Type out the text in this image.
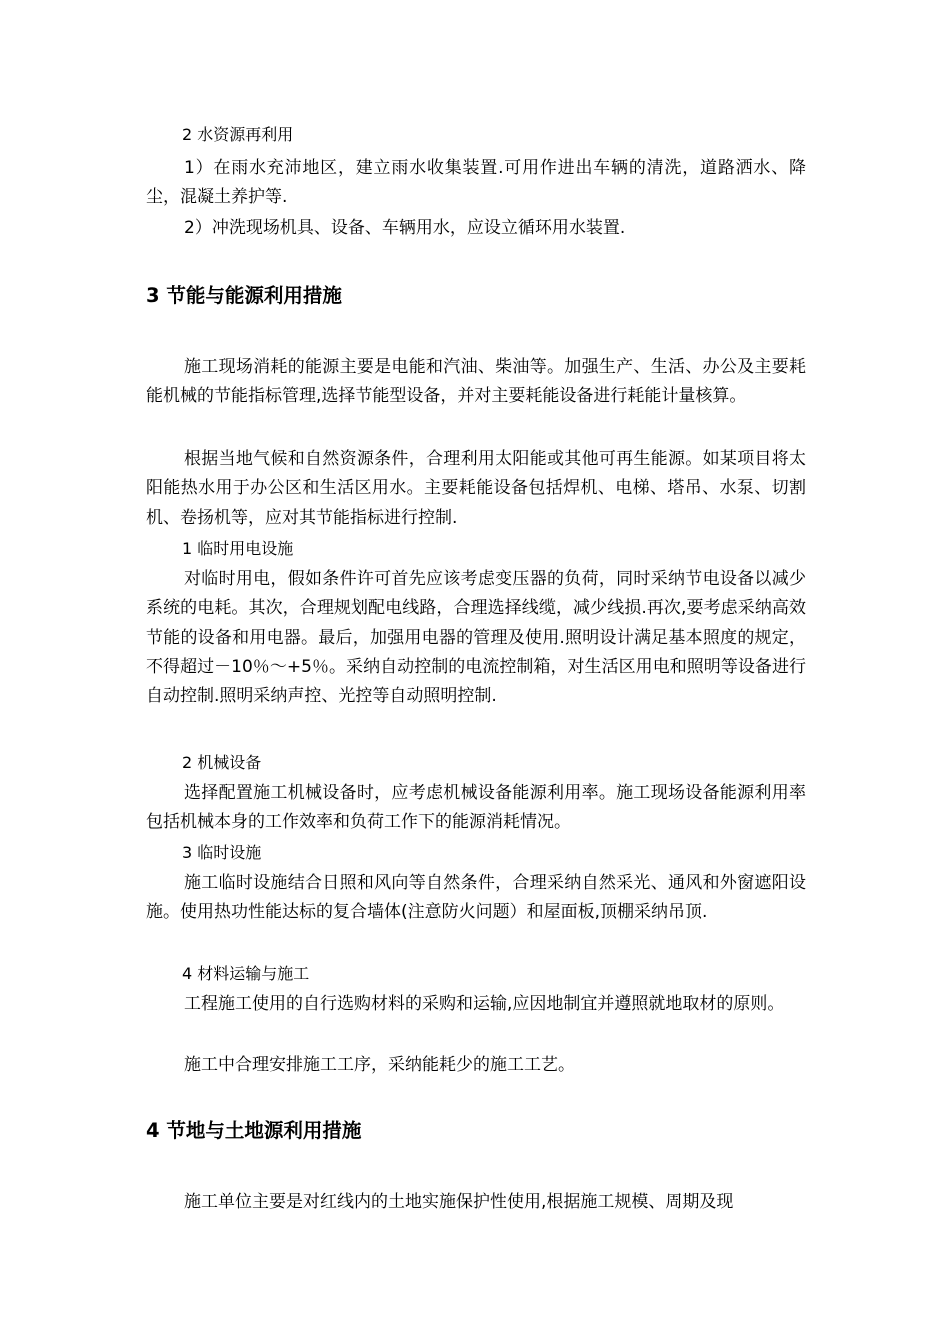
2 水资源再利用

1）在雨水充沛地区，建立雨水收集装置.可用作进出车辆的清洗，道路洒水、降尘，混凝土养护等.

2）冲洗现场机具、设备、车辆用水，应设立循环用水装置.

3 节能与能源利用措施

施工现场消耗的能源主要是电能和汽油、柴油等。加强生产、生活、办公及主要耗能机械的节能指标管理,选择节能型设备，并对主要耗能设备进行耗能计量核算。

根据当地气候和自然资源条件，合理利用太阳能或其他可再生能源。如某项目将太阳能热水用于办公区和生活区用水。主要耗能设备包括焊机、电梯、塔吊、水泵、切割机、卷扬机等，应对其节能指标进行控制.

1 临时用电设施

对临时用电，假如条件许可首先应该考虑变压器的负荷，同时采纳节电设备以减少系统的电耗。其次，合理规划配电线路，合理选择线缆，减少线损.再次,要考虑采纳高效节能的设备和用电器。最后，加强用电器的管理及使用.照明设计满足基本照度的规定，不得超过－10％～+5％。采纳自动控制的电流控制箱，对生活区用电和照明等设备进行自动控制.照明采纳声控、光控等自动照明控制.

2 机械设备

选择配置施工机械设备时，应考虑机械设备能源利用率。施工现场设备能源利用率包括机械本身的工作效率和负荷工作下的能源消耗情况。

3 临时设施

施工临时设施结合日照和风向等自然条件，合理采纳自然采光、通风和外窗遮阳设施。使用热功性能达标的复合墙体(注意防火问题）和屋面板,顶棚采纳吊顶.

4 材料运输与施工

工程施工使用的自行选购材料的采购和运输,应因地制宜并遵照就地取材的原则。

施工中合理安排施工工序，采纳能耗少的施工工艺。

4 节地与土地源利用措施

施工单位主要是对红线内的土地实施保护性使用,根据施工规模、周期及现
